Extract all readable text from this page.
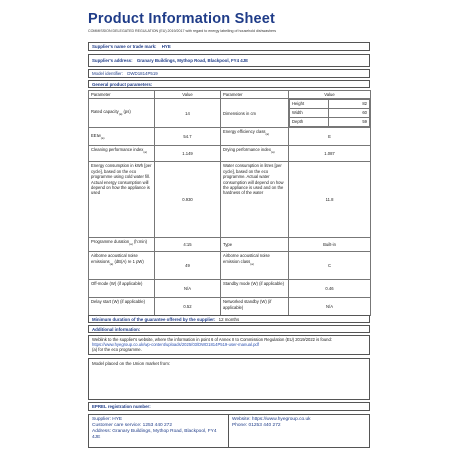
Product Information Sheet
COMMISSION DELEGATED REGULATION (EU) 2019/2017 with regard to energy labelling of household dishwashers
Supplier's name or trade mark: HYE
Supplier's address: Granary Buildings, Mythop Road, Blackpool, FY4 4JE
Model identifier: DWD1814P519
General product parameters:
Parameter	Value	Parameter	Value
Rated capacity$_{(a)}$ (ps)	14	Dimensions in cm	
Height	82
Width	60
Depth	59

EEIw$_{(a)}$	54.7	Energy efficiency class$_{(a)}$	E
Cleaning performance index$_{(a)}$	1.149	Drying performance index$_{(a)}$	1.087
Energy consumption in kWh [per cycle], based on the eco programme using cold water fill. Actual energy consumption will depend on how the appliance is used	0.930	Water consumption in litres [per cycle], based on the eco programme. Actual water consumption will depend on how the appliance is used and on the hardness of the water	11.8
Programme duration$_{(a)}$ (h:min)	4:15	Type	Built-in
Airborne acoustical noise emissions$_{(a)}$ (dB(A) re 1 pW)	49	Airborne acoustical noise emission class$_{(a)}$	C
Off-mode (W) (if applicable)	N/A	Standby mode (W) (if applicable)	0.46
Delay start (W) (if applicable)	0.52	Networked standby (W) (if applicable)	N/A
Minimum duration of the guarantee offered by the supplier: 12 months
Additional information:
Weblink to the supplier's website, where the information in point 6 of Annex II to Commission Regulation (EU) 2019/2022 is found: https://www.hyegroup.co.uk/wp-content/uploads/2025/03/DWD1814P519-user-manual.pdf
(a) for the eco programme.
Model placed on the Union market from:
EPREL registration number:
Supplier: HYE
Customer care service: 1253 440 272
Address: Granary Buildings, Mythop Road, Blackpool, FY4 4JE
Website: https://www.hyegroup.co.uk
Phone: 01253 440 272
